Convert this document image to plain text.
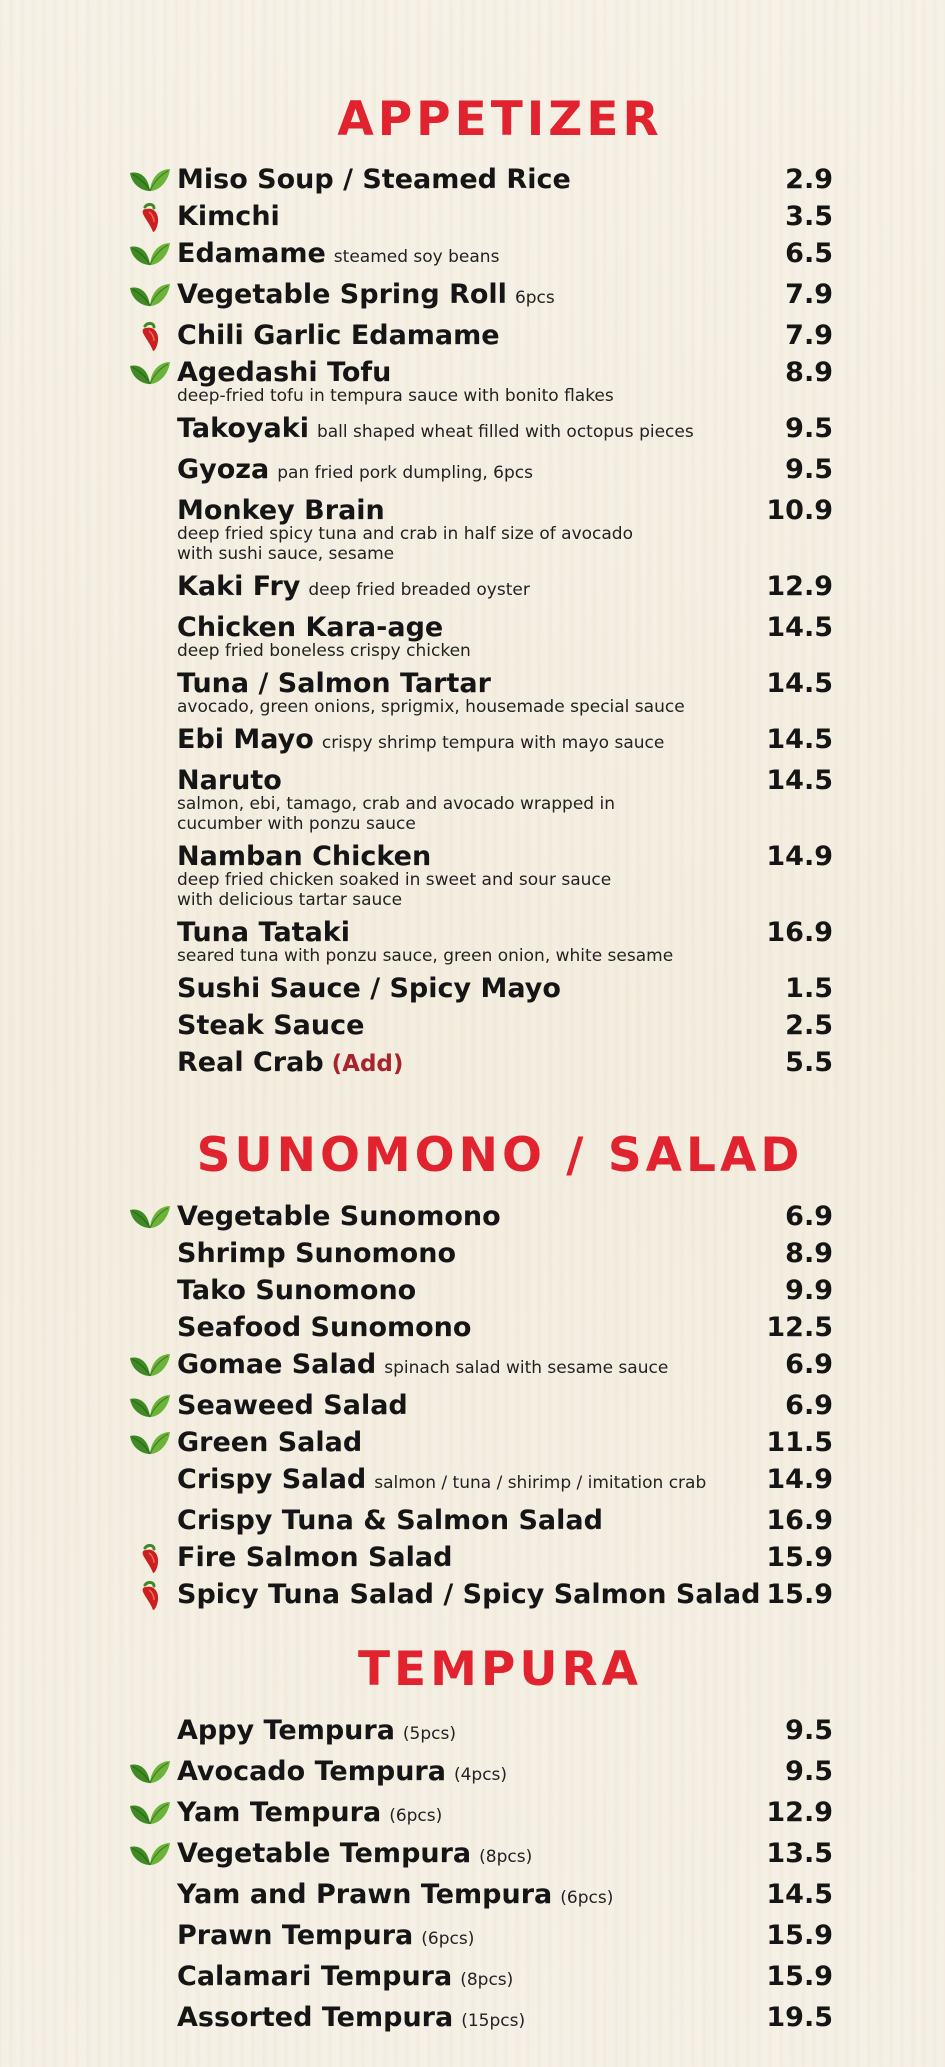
APPETIZER
Miso Soup / Steamed Rice	2.9
Kimchi	3.5
Edamame steamed soy beans	6.5
Vegetable Spring Roll 6pcs	7.9
Chili Garlic Edamame	7.9
Agedashi Tofu	8.9
deep-fried tofu in tempura sauce with bonito flakes
Takoyaki ball shaped wheat filled with octopus pieces	9.5
Gyoza pan fried pork dumpling, 6pcs	9.5
Monkey Brain	10.9
deep fried spicy tuna and crab in half size of avocado
with sushi sauce, sesame
Kaki Fry deep fried breaded oyster	12.9
Chicken Kara-age	14.5
deep fried boneless crispy chicken
Tuna / Salmon Tartar	14.5
avocado, green onions, sprigmix, housemade special sauce
Ebi Mayo crispy shrimp tempura with mayo sauce	14.5
Naruto	14.5
salmon, ebi, tamago, crab and avocado wrapped in
cucumber with ponzu sauce
Namban Chicken	14.9
deep fried chicken soaked in sweet and sour sauce
with delicious tartar sauce
Tuna Tataki	16.9
seared tuna with ponzu sauce, green onion, white sesame
Sushi Sauce / Spicy Mayo	1.5
Steak Sauce	2.5
Real Crab (Add)	5.5
SUNOMONO / SALAD
Vegetable Sunomono	6.9
Shrimp Sunomono	8.9
Tako Sunomono	9.9
Seafood Sunomono	12.5
Gomae Salad spinach salad with sesame sauce	6.9
Seaweed Salad	6.9
Green Salad	11.5
Crispy Salad salmon / tuna / shirimp / imitation crab 14.9
Crispy Tuna & Salmon Salad	16.9
Fire Salmon Salad	15.9
Spicy Tuna Salad / Spicy Salmon Salad 15.9
TEMPURA
Appy Tempura (5pcs)	9.5
Avocado Tempura (4pcs)	9.5
Yam Tempura (6pcs)	12.9
Vegetable Tempura (8pcs)	13.5
Yam and Prawn Tempura (6pcs)	14.5
Prawn Tempura (6pcs)	15.9
Calamari Tempura (8pcs)	15.9
Assorted Tempura (15pcs)	19.5
